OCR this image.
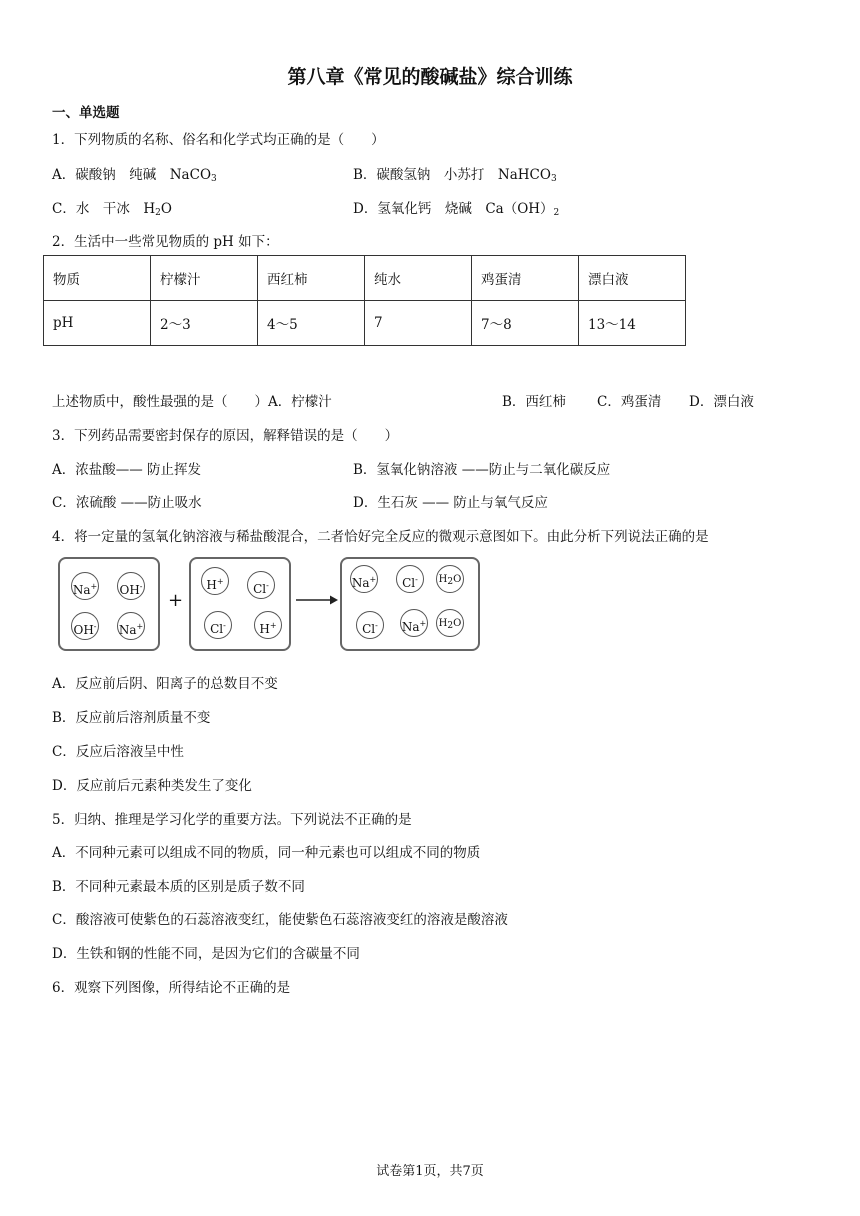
第八章《常见的酸碱盐》综合训练
一、单选题
1．下列物质的名称、俗名和化学式均正确的是（　　）
A．碳酸钠　纯碱　NaCO$_3$	B．碳酸氢钠　小苏打　NaHCO$_3$
C．水　干冰　$H_2O$	D．氢氧化钙　烧碱　$Ca(OH)_2$
2．生活中一些常见物质的 pH 如下：
物质	柠檬汁	西红柿	纯水	鸡蛋清	漂白液
pH	2～3	4～5	7	7～8	13～14
上述物质中，酸性最强的是（　　）A．柠檬汁	B．西红柿 C．鸡蛋清 D．漂白液
3．下列药品需要密封保存的原因，解释错误的是（　　）
A．浓盐酸—— 防止挥发	B．氢氧化钠溶液 ——防止与二氧化碳反应
C．浓硫酸 ——防止吸水	D．生石灰 —— 防止与氧气反应
4．将一定量的氢氧化钠溶液与稀盐酸混合，二者恰好完全反应的微观示意图如下。由此分析下列说法正确的是
Na+ OH-
OH- Na+
+
H+
Cl-
Cl-	H+
Na+	Cl-	$H_2O$
Cl-	Na+ $H_2O$
A．反应前后阴、阳离子的总数目不变
B．反应前后溶剂质量不变
C．反应后溶液呈中性
D．反应前后元素种类发生了变化
5．归纳、推理是学习化学的重要方法。下列说法不正确的是
A．不同种元素可以组成不同的物质，同一种元素也可以组成不同的物质
B．不同种元素最本质的区别是质子数不同
C．酸溶液可使紫色的石蕊溶液变红，能使紫色石蕊溶液变红的溶液是酸溶液
D．生铁和钢的性能不同，是因为它们的含碳量不同
6．观察下列图像，所得结论不正确的是
试卷第1页，共7页
